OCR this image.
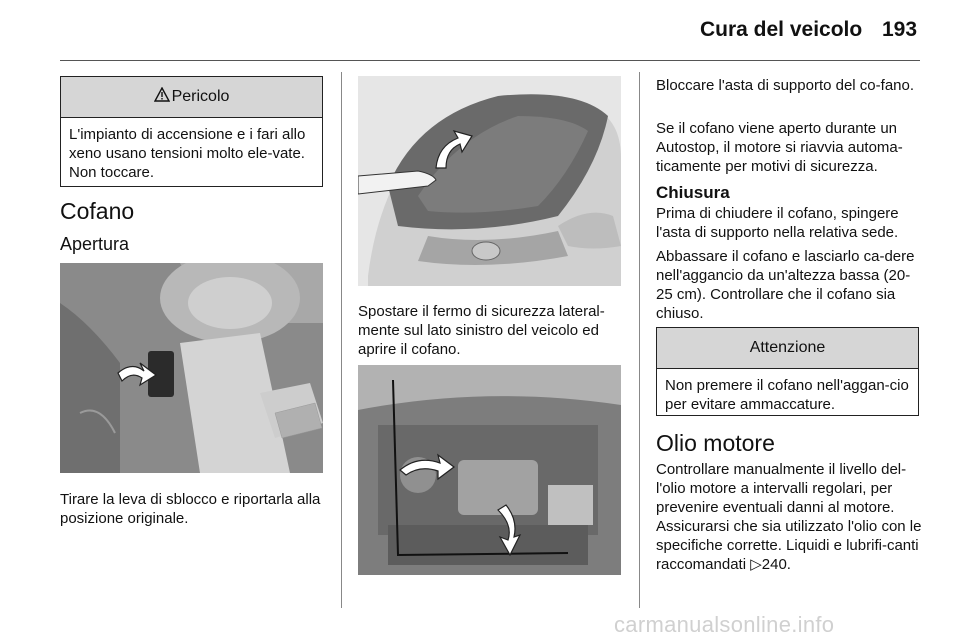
Cura del veicolo 193
Pericolo
L'impianto di accensione e i fari allo xeno usano tensioni molto ele-vate. Non toccare.
Cofano
Apertura
Tirare la leva di sblocco e riportarla alla posizione originale.
Spostare il fermo di sicurezza lateral-mente sul lato sinistro del veicolo ed aprire il cofano.
Bloccare l'asta di supporto del co-fano.
Se il cofano viene aperto durante un Autostop, il motore si riavvia automa-ticamente per motivi di sicurezza.
Chiusura
Prima di chiudere il cofano, spingere l'asta di supporto nella relativa sede.
Abbassare il cofano e lasciarlo ca-dere nell'aggancio da un'altezza bassa (20-25 cm). Controllare che il cofano sia chiuso.
Attenzione
Non premere il cofano nell'aggan-cio per evitare ammaccature.
Olio motore
Controllare manualmente il livello del-l'olio motore a intervalli regolari, per prevenire eventuali danni al motore. Assicurarsi che sia utilizzato l'olio con le specifiche corrette. Liquidi e lubrifi-canti raccomandati ▷240.
carmanualsonline.info
